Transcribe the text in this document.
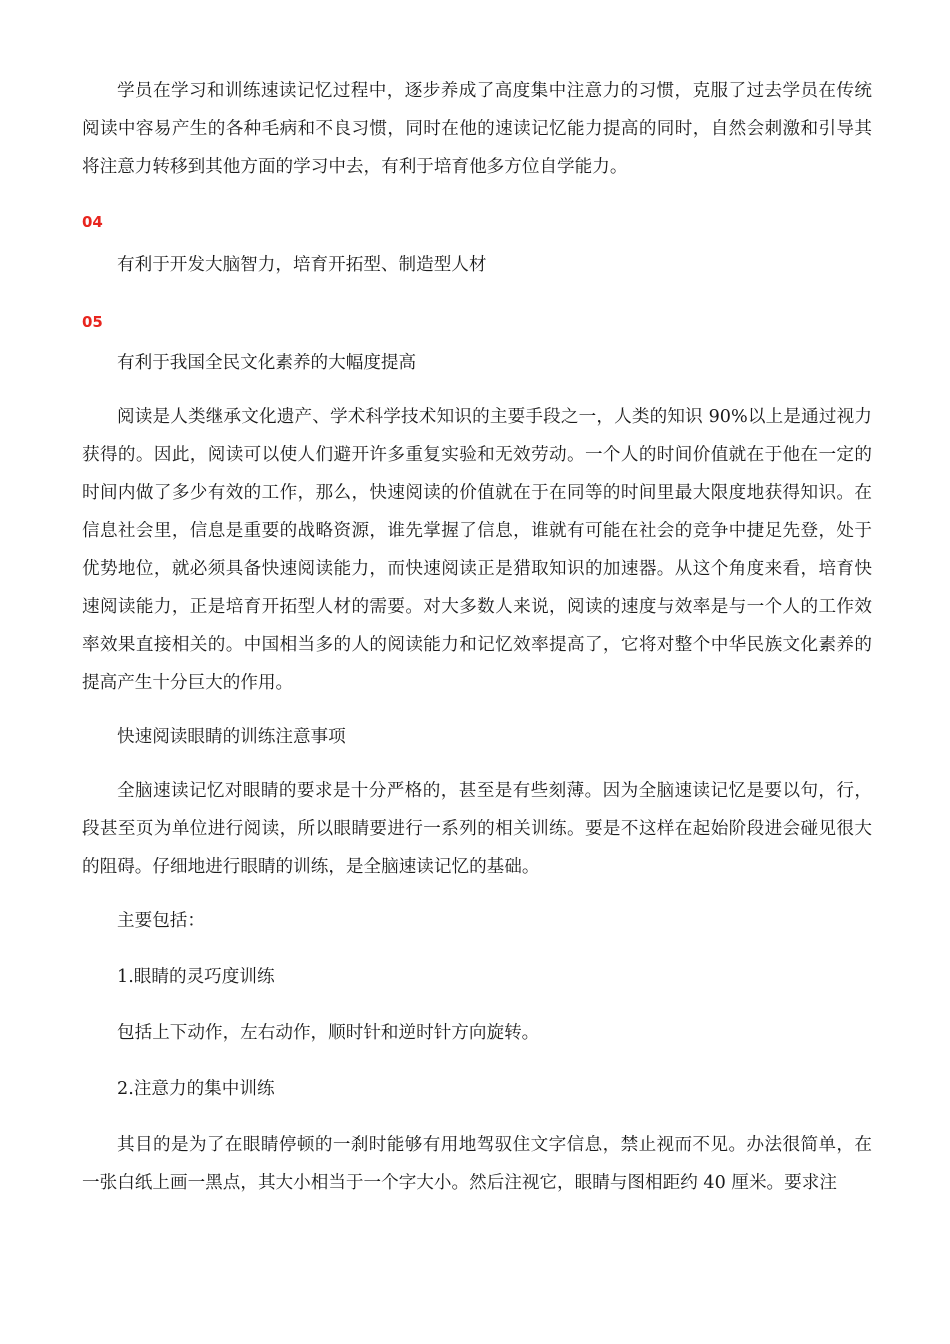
学员在学习和训练速读记忆过程中，逐步养成了高度集中注意力的习惯，克服了过去学员在传统阅读中容易产生的各种毛病和不良习惯，同时在他的速读记忆能力提高的同时，自然会刺激和引导其将注意力转移到其他方面的学习中去，有利于培育他多方位自学能力。

04

有利于开发大脑智力，培育开拓型、制造型人材

05

有利于我国全民文化素养的大幅度提高

阅读是人类继承文化遗产、学术科学技术知识的主要手段之一，人类的知识 90%以上是通过视力获得的。因此，阅读可以使人们避开许多重复实验和无效劳动。一个人的时间价值就在于他在一定的时间内做了多少有效的工作，那么，快速阅读的价值就在于在同等的时间里最大限度地获得知识。在信息社会里，信息是重要的战略资源，谁先掌握了信息，谁就有可能在社会的竞争中捷足先登，处于优势地位，就必须具备快速阅读能力，而快速阅读正是猎取知识的加速器。从这个角度来看，培育快速阅读能力，正是培育开拓型人材的需要。对大多数人来说，阅读的速度与效率是与一个人的工作效率效果直接相关的。中国相当多的人的阅读能力和记忆效率提高了，它将对整个中华民族文化素养的提高产生十分巨大的作用。

快速阅读眼睛的训练注意事项

全脑速读记忆对眼睛的要求是十分严格的，甚至是有些刻薄。因为全脑速读记忆是要以句，行，段甚至页为单位进行阅读，所以眼睛要进行一系列的相关训练。要是不这样在起始阶段进会碰见很大的阻碍。仔细地进行眼睛的训练，是全脑速读记忆的基础。

主要包括：

1.眼睛的灵巧度训练

包括上下动作，左右动作，顺时针和逆时针方向旋转。

2.注意力的集中训练

其目的是为了在眼睛停顿的一刹时能够有用地驾驭住文字信息，禁止视而不见。办法很简单，在一张白纸上画一黑点，其大小相当于一个字大小。然后注视它，眼睛与图相距约 40 厘米。要求注
